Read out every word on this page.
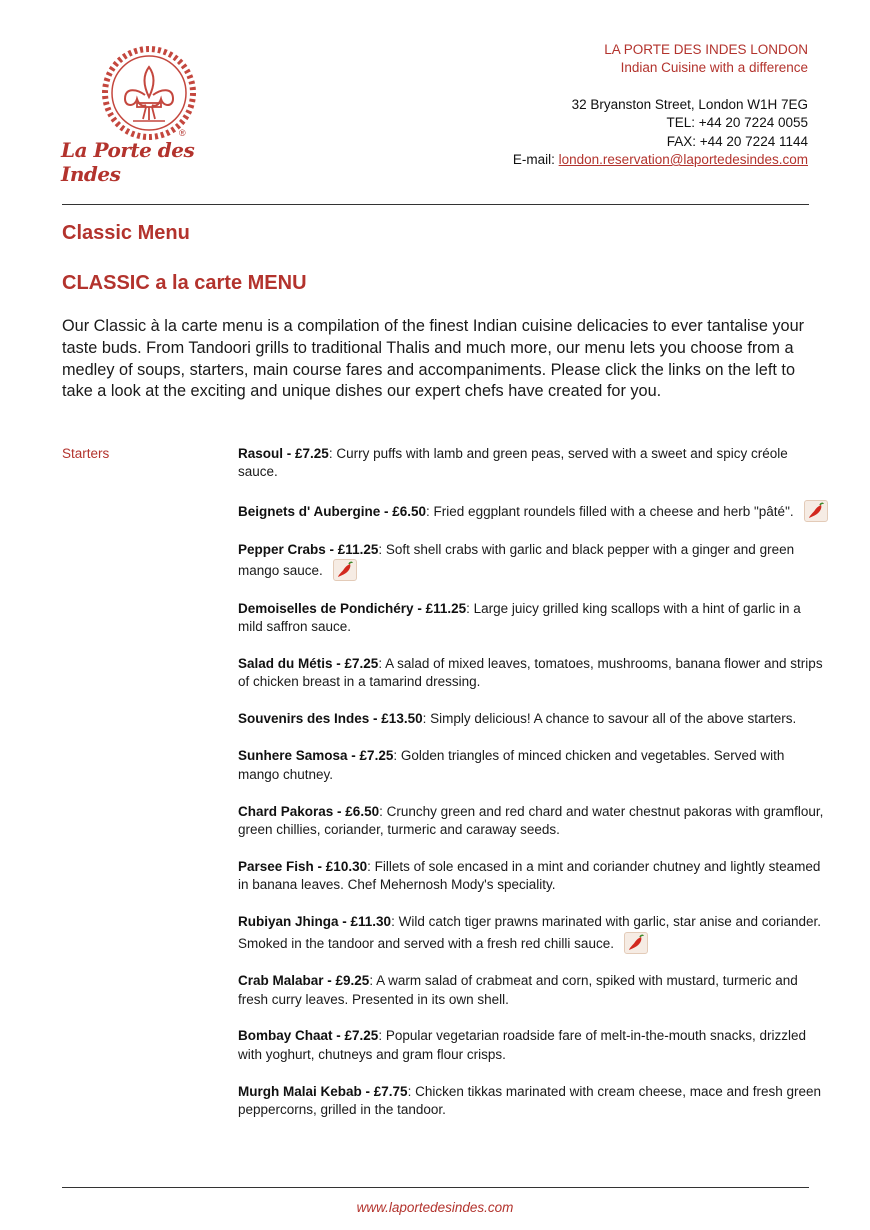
La Porte des Indes
®
LA PORTE DES INDES LONDON
Indian Cuisine with a difference
32 Bryanston Street, London W1H 7EG
TEL: +44 20 7224 0055
FAX: +44 20 7224 1144
E-mail: london.reservation@laportedesindes.com
Classic Menu
CLASSIC a la carte MENU
Our Classic à la carte menu is a compilation of the finest Indian cuisine delicacies to ever tantalise your taste buds. From Tandoori grills to traditional Thalis and much more, our menu lets you choose from a medley of soups, starters, main course fares and accompaniments. Please click the links on the left to take a look at the exciting and unique dishes our expert chefs have created for you.
Starters	Rasoul - £7.25: Curry puffs with lamb and green peas, served with a sweet and spicy créole sauce.
Beignets d' Aubergine - £6.50: Fried eggplant roundels filled with a cheese and herb "pâté".
Pepper Crabs - £11.25: Soft shell crabs with garlic and black pepper with a ginger and green mango sauce.
Demoiselles de Pondichéry - £11.25: Large juicy grilled king scallops with a hint of garlic in a mild saffron sauce.
Salad du Métis - £7.25: A salad of mixed leaves, tomatoes, mushrooms, banana flower and strips of chicken breast in a tamarind dressing.
Souvenirs des Indes - £13.50: Simply delicious! A chance to savour all of the above starters.
Sunhere Samosa - £7.25: Golden triangles of minced chicken and vegetables. Served with mango chutney.
Chard Pakoras - £6.50: Crunchy green and red chard and water chestnut pakoras with gramflour, green chillies, coriander, turmeric and caraway seeds.
Parsee Fish - £10.30: Fillets of sole encased in a mint and coriander chutney and lightly steamed in banana leaves. Chef Mehernosh Mody's speciality.
Rubiyan Jhinga - £11.30: Wild catch tiger prawns marinated with garlic, star anise and coriander. Smoked in the tandoor and served with a fresh red chilli sauce.
Crab Malabar - £9.25: A warm salad of crabmeat and corn, spiked with mustard, turmeric and fresh curry leaves. Presented in its own shell.
Bombay Chaat - £7.25: Popular vegetarian roadside fare of melt-in-the-mouth snacks, drizzled with yoghurt, chutneys and gram flour crisps.
Murgh Malai Kebab - £7.75: Chicken tikkas marinated with cream cheese, mace and fresh green peppercorns, grilled in the tandoor.
www.laportedesindes.com
